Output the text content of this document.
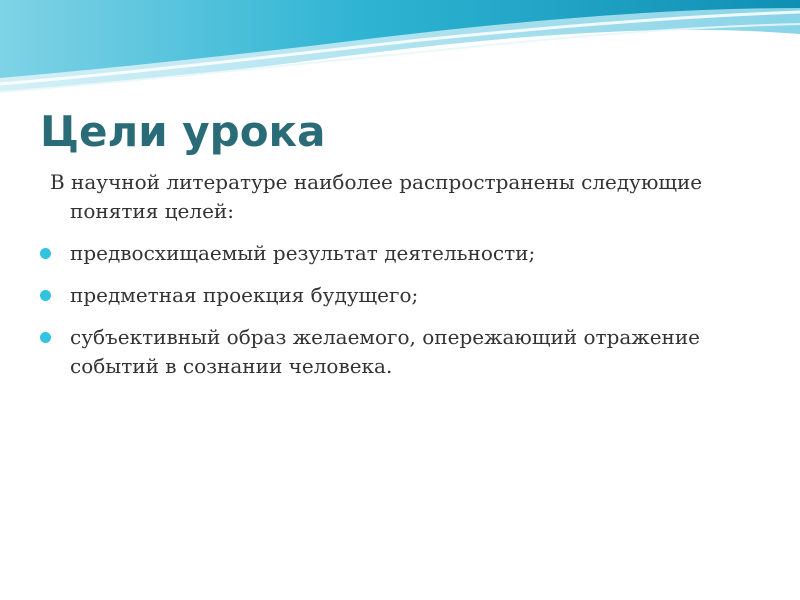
Цели урока

В научной литературе наиболее распространены следующие понятия целей:

предвосхищаемый результат деятельности;
предметная проекция будущего;
субъективный образ желаемого, опережающий отражение событий в сознании человека.
